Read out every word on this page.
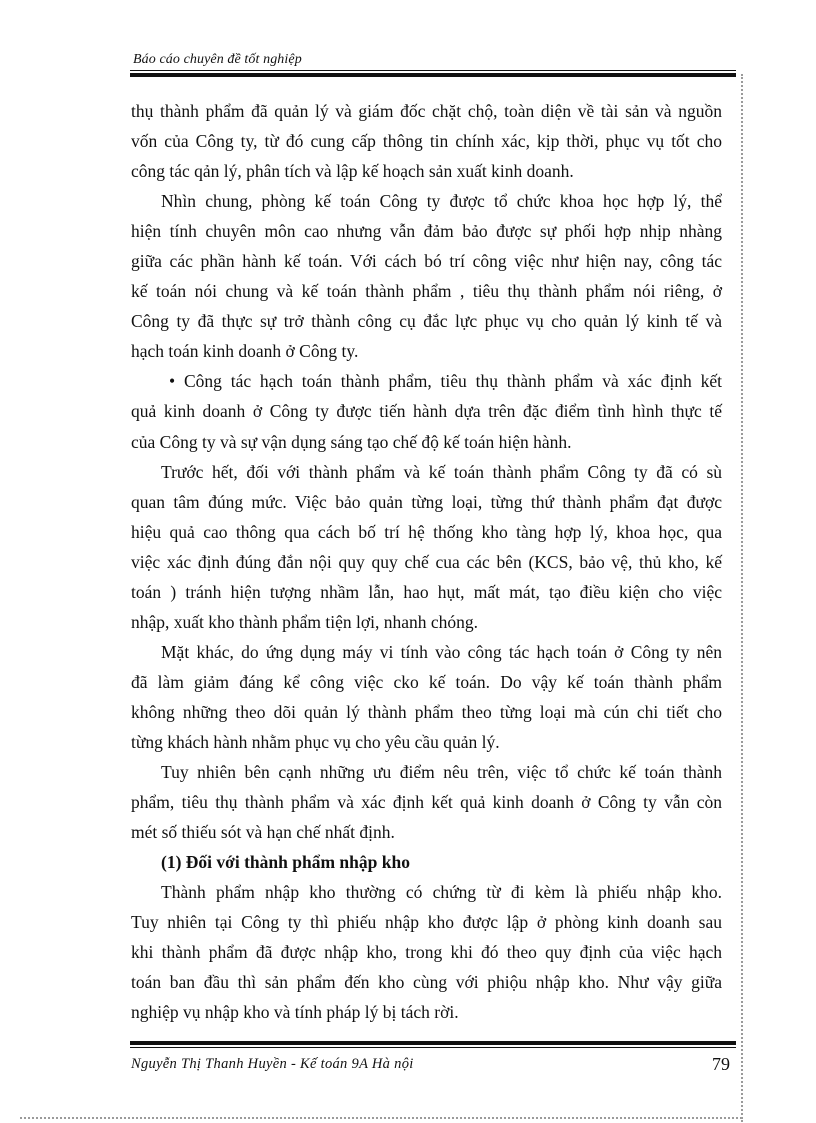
Báo cáo chuyên đề tốt nghiệp

thụ thành phẩm đã quản lý và giám đốc chặt chộ, toàn diện về tài sản và nguồn
vốn của Công ty, từ đó cung cấp thông tin chính xác, kịp thời, phục vụ tốt cho
công tác qản lý, phân tích và lập kế hoạch sản xuất kinh doanh.

Nhìn chung, phòng kế toán Công ty được tổ chức khoa học hợp lý, thể
hiện tính chuyên môn cao nhưng vẫn đảm bảo được sự phối hợp nhịp nhàng
giữa các phần hành kế toán. Với cách bó trí công việc như hiện nay, công tác
kế toán nói chung và kế toán thành phẩm , tiêu thụ thành phẩm nói riêng, ở
Công ty đã thực sự trở thành công cụ đắc lực phục vụ cho quản lý kinh tế và
hạch toán kinh doanh ở Công ty.

• Công tác hạch toán thành phẩm, tiêu thụ thành phẩm và xác định kết
quả kinh doanh ở Công ty được tiến hành dựa trên đặc điểm tình hình thực tế
của Công ty và sự vận dụng sáng tạo chế độ kế toán hiện hành.

Trước hết, đối với thành phẩm và kế toán thành phẩm Công ty đã có sù
quan tâm đúng mức. Việc bảo quản từng loại, từng thứ thành phẩm đạt được
hiệu quả cao thông qua cách bố trí hệ thống kho tàng hợp lý, khoa học, qua
việc xác định đúng đắn nội quy quy chế cua các bên (KCS, bảo vệ, thủ kho, kế
toán ) tránh hiện tượng nhầm lẫn, hao hụt, mất mát, tạo điều kiện cho việc
nhập, xuất kho thành phẩm tiện lợi, nhanh chóng.

Mặt khác, do ứng dụng máy vi tính vào công tác hạch toán ở Công ty nên
đã làm giảm đáng kể công việc cko kế toán. Do vậy kế toán thành phẩm
không những theo dõi quản lý thành phẩm theo từng loại mà cún chi tiết cho
từng khách hành nhằm phục vụ cho yêu cầu quản lý.

Tuy nhiên bên cạnh những ưu điểm nêu trên, việc tổ chức kế toán thành
phẩm, tiêu thụ thành phẩm và xác định kết quả kinh doanh ở Công ty vẫn còn
mét số thiếu sót và hạn chế nhất định.

(1) Đối với thành phẩm nhập kho

Thành phẩm nhập kho thường có chứng từ đi kèm là phiếu nhập kho.
Tuy nhiên tại Công ty thì phiếu nhập kho được lập ở phòng kinh doanh sau
khi thành phẩm đã được nhập kho, trong khi đó theo quy định của việc hạch
toán ban đầu thì sản phẩm đến kho cùng với phiộu nhập kho. Như vậy giữa
nghiệp vụ nhập kho và tính pháp lý bị tách rời.

Nguyễn Thị Thanh Huyền - Kế toán 9A Hà nội	79
